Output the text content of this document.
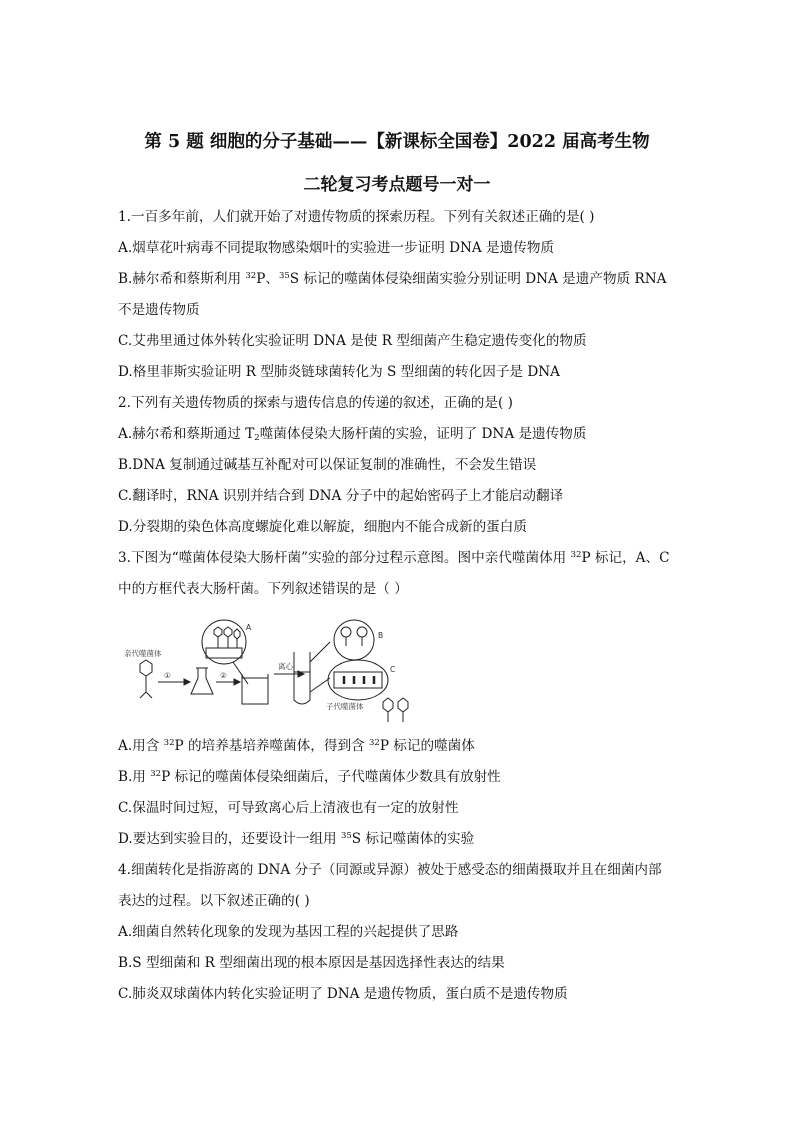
第 5 题 细胞的分子基础——【新课标全国卷】2022 届高考生物
二轮复习考点题号一对一
1.一百多年前，人们就开始了对遗传物质的探索历程。下列有关叙述正确的是( )
A.烟草花叶病毒不同提取物感染烟叶的实验进一步证明 DNA 是遗传物质
B.赫尔希和蔡斯利用 $^{32}$P、$^{35}$S 标记的噬菌体侵染细菌实验分别证明 DNA 是遗产物质 RNA
不是遗传物质
C.艾弗里通过体外转化实验证明 DNA 是使 R 型细菌产生稳定遗传变化的物质
D.格里菲斯实验证明 R 型肺炎链球菌转化为 S 型细菌的转化因子是 DNA
2.下列有关遗传物质的探索与遗传信息的传递的叙述，正确的是( )
A.赫尔希和蔡斯通过 $T_2$噬菌体侵染大肠杆菌的实验，证明了 DNA 是遗传物质
B.DNA 复制通过碱基互补配对可以保证复制的准确性，不会发生错误
C.翻译时，RNA 识别并结合到 DNA 分子中的起始密码子上才能启动翻译
D.分裂期的染色体高度螺旋化难以解旋，细胞内不能合成新的蛋白质
3.下图为“噬菌体侵染大肠杆菌”实验的部分过程示意图。图中亲代噬菌体用 $^{32}$P 标记，A、C
中的方框代表大肠杆菌。下列叙述错误的是（ ）
亲代噬菌体
①	②
A
离心
B
C
子代噬菌体
A.用含 $^{32}$P 的培养基培养噬菌体，得到含 $^{32}$P 标记的噬菌体
B.用 $^{32}$P 标记的噬菌体侵染细菌后，子代噬菌体少数具有放射性
C.保温时间过短，可导致离心后上清液也有一定的放射性
D.要达到实验目的，还要设计一组用 $^{35}$S 标记噬菌体的实验
4.细菌转化是指游离的 DNA 分子（同源或异源）被处于感受态的细菌摄取并且在细菌内部
表达的过程。以下叙述正确的( )
A.细菌自然转化现象的发现为基因工程的兴起提供了思路
B.S 型细菌和 R 型细菌出现的根本原因是基因选择性表达的结果
C.肺炎双球菌体内转化实验证明了 DNA 是遗传物质，蛋白质不是遗传物质
